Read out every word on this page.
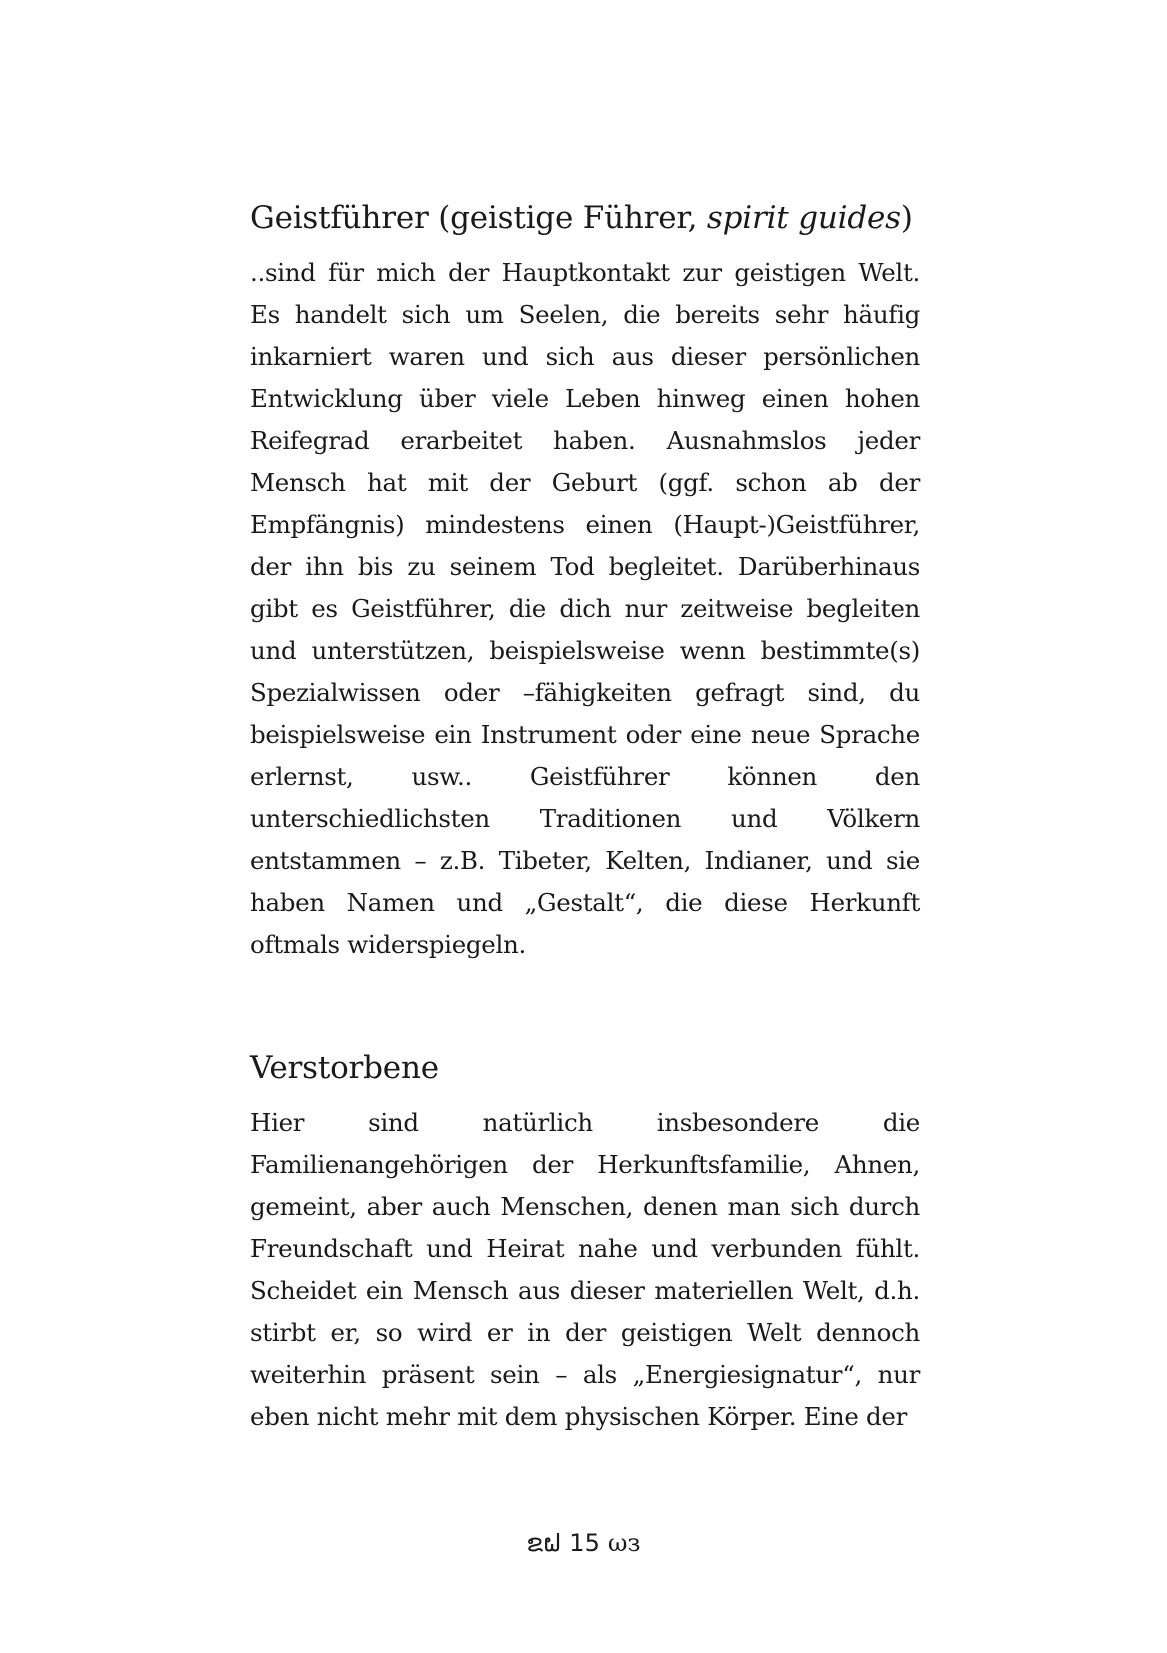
Geistführer (geistige Führer, spirit guides)

..sind für mich der Hauptkontakt zur geistigen Welt. Es handelt sich um Seelen, die bereits sehr häufig inkarniert waren und sich aus dieser persönlichen Entwicklung über viele Leben hinweg einen hohen Reifegrad erarbeitet haben. Ausnahmslos jeder Mensch hat mit der Geburt (ggf. schon ab der Empfängnis) mindestens einen (Haupt-)Geistführer, der ihn bis zu seinem Tod begleitet. Darüberhinaus gibt es Geistführer, die dich nur zeitweise begleiten und unterstützen, beispielsweise wenn bestimmte(s) Spezialwissen oder –fähigkeiten gefragt sind, du beispielsweise ein Instrument oder eine neue Sprache erlernst, usw.. Geistführer können den unterschiedlichsten Traditionen und Völkern entstammen – z.B. Tibeter, Kelten, Indianer, und sie haben Namen und „Gestalt“, die diese Herkunft oftmals widerspiegeln.

Verstorbene

Hier sind natürlich insbesondere die Familienangehörigen der Herkunftsfamilie, Ahnen, gemeint, aber auch Menschen, denen man sich durch Freundschaft und Heirat nahe und verbunden fühlt. Scheidet ein Mensch aus dieser materiellen Welt, d.h. stirbt er, so wird er in der geistigen Welt dennoch weiterhin präsent sein – als „Energiesignatur“, nur eben nicht mehr mit dem physischen Körper. Eine der

ຂຝ 15 ωз
